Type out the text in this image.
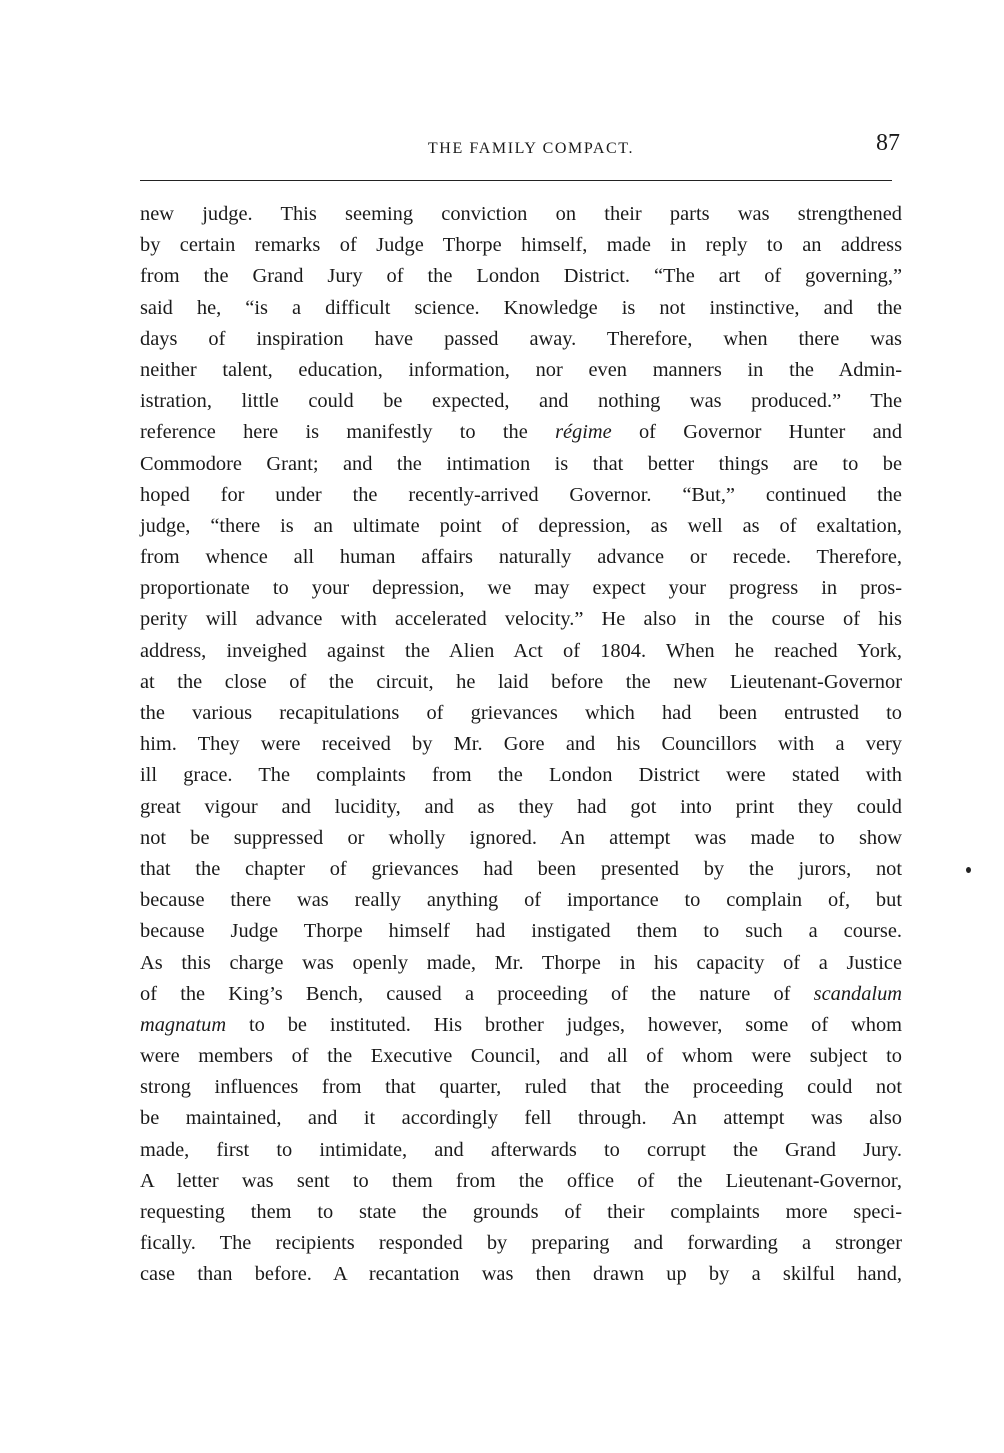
THE FAMILY COMPACT.	87
new judge. This seeming conviction on their parts was strengthened
by certain remarks of Judge Thorpe himself, made in reply to an address
from the Grand Jury of the London District. “The art of governing,”
said he, “is a difficult science. Knowledge is not instinctive, and the
days of inspiration have passed away. Therefore, when there was
neither talent, education, information, nor even manners in the Admin-
istration, little could be expected, and nothing was produced.” The
reference here is manifestly to the régime of Governor Hunter and
Commodore Grant; and the intimation is that better things are to be
hoped for under the recently-arrived Governor. “But,” continued the
judge, “there is an ultimate point of depression, as well as of exaltation,
from whence all human affairs naturally advance or recede. Therefore,
proportionate to your depression, we may expect your progress in pros-
perity will advance with accelerated velocity.” He also in the course of his
address, inveighed against the Alien Act of 1804. When he reached York,
at the close of the circuit, he laid before the new Lieutenant-Governor
the various recapitulations of grievances which had been entrusted to
him. They were received by Mr. Gore and his Councillors with a very
ill grace. The complaints from the London District were stated with
great vigour and lucidity, and as they had got into print they could
not be suppressed or wholly ignored. An attempt was made to show
that the chapter of grievances had been presented by the jurors, not
because there was really anything of importance to complain of, but
because Judge Thorpe himself had instigated them to such a course.
As this charge was openly made, Mr. Thorpe in his capacity of a Justice
of the King’s Bench, caused a proceeding of the nature of scandalum
magnatum to be instituted. His brother judges, however, some of whom
were members of the Executive Council, and all of whom were subject to
strong influences from that quarter, ruled that the proceeding could not
be maintained, and it accordingly fell through. An attempt was also
made, first to intimidate, and afterwards to corrupt the Grand Jury.
A letter was sent to them from the office of the Lieutenant-Governor,
requesting them to state the grounds of their complaints more speci-
fically. The recipients responded by preparing and forwarding a stronger
case than before. A recantation was then drawn up by a skilful hand,
